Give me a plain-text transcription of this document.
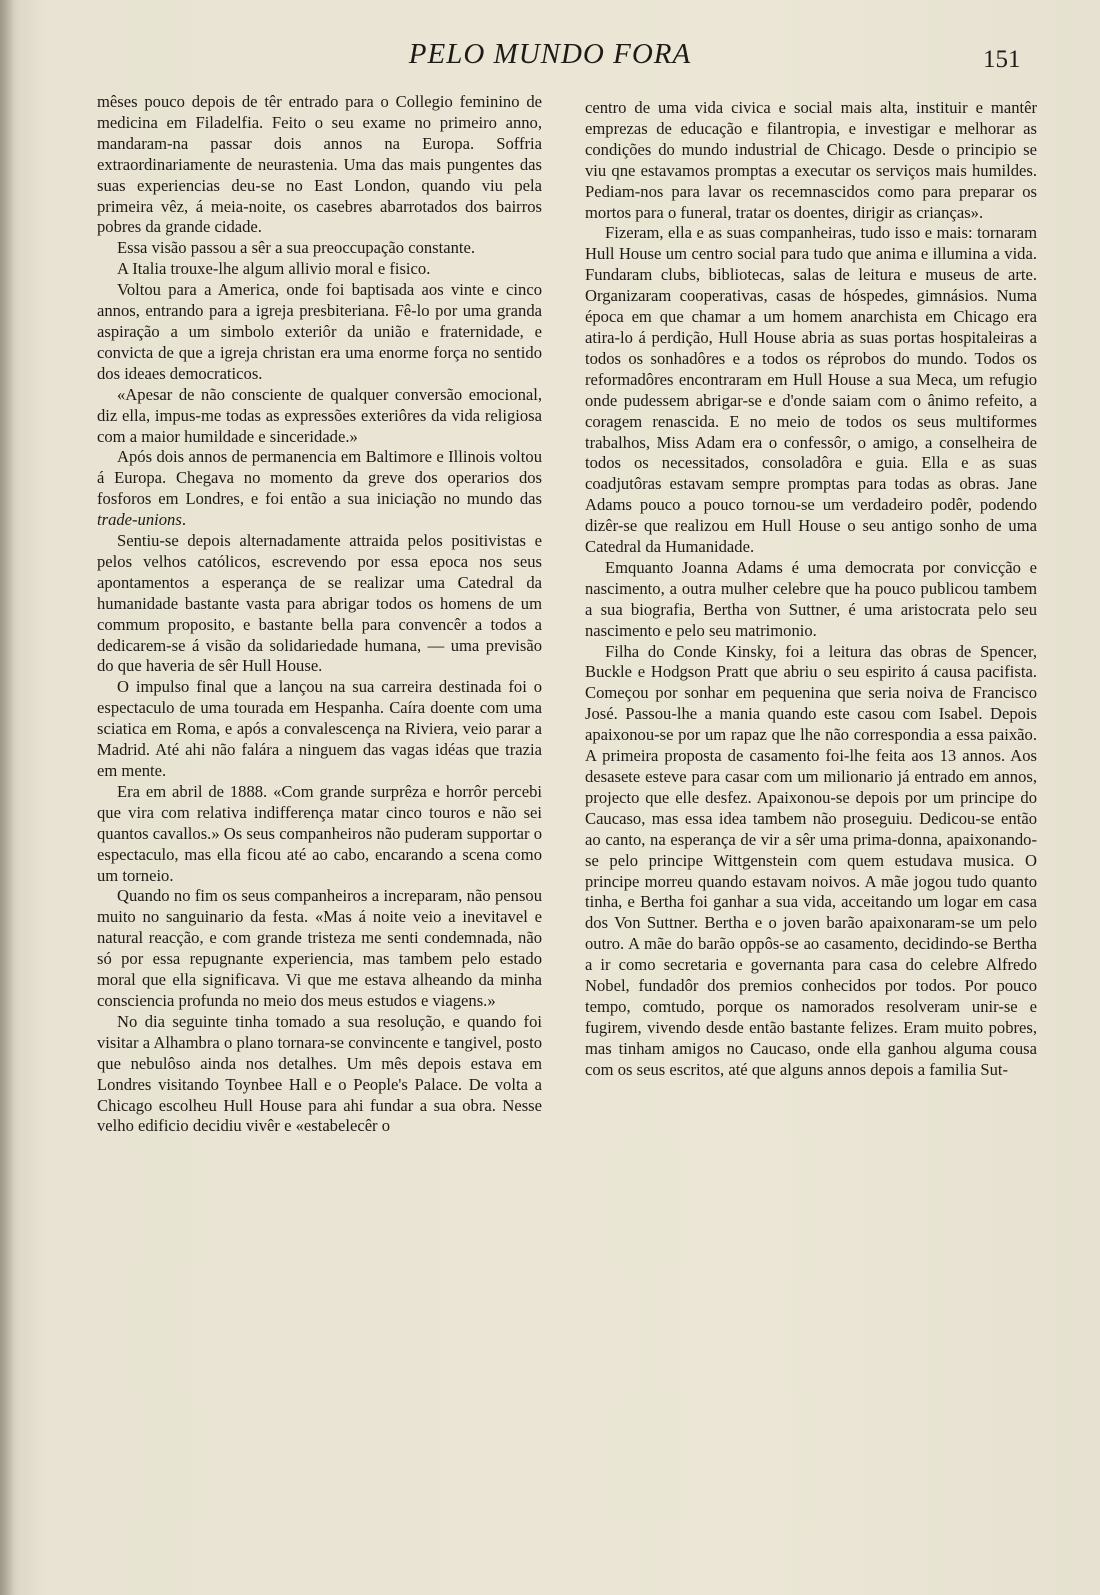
PELO MUNDO FORA	151

mêses pouco depois de têr entrado para o Collegio feminino de medicina em Filadelfia. Feito o seu exame no primeiro anno, mandaram-na passar dois annos na Europa. Soffria extraordinariamente de neurastenia. Uma das mais pungentes das suas experiencias deu-se no East London, quando viu pela primeira vêz, á meia-noite, os casebres abarrotados dos bairros pobres da grande cidade.

Essa visão passou a sêr a sua preoccupação constante.

A Italia trouxe-lhe algum allivio moral e fisico.

Voltou para a America, onde foi baptisada aos vinte e cinco annos, entrando para a igreja presbiteriana. Fê-lo por uma granda aspiração a um simbolo exteriôr da união e fraternidade, e convicta de que a igreja christan era uma enorme força no sentido dos ideaes democraticos.

«Apesar de não consciente de qualquer conversão emocional, diz ella, impus-me todas as expressões exteriôres da vida religiosa com a maior humildade e sinceridade.»

Após dois annos de permanencia em Baltimore e Illinois voltou á Europa. Chegava no momento da greve dos operarios dos fosforos em Londres, e foi então a sua iniciação no mundo das trade-unions.

Sentiu-se depois alternadamente attraida pelos positivistas e pelos velhos católicos, escrevendo por essa epoca nos seus apontamentos a esperança de se realizar uma Catedral da humanidade bastante vasta para abrigar todos os homens de um commum proposito, e bastante bella para convencêr a todos a dedicarem-se á visão da solidariedade humana, — uma previsão do que haveria de sêr Hull House.

O impulso final que a lançou na sua carreira destinada foi o espectaculo de uma tourada em Hespanha. Caíra doente com uma sciatica em Roma, e após a convalescença na Riviera, veio parar a Madrid. Até ahi não falára a ninguem das vagas idéas que trazia em mente.

Era em abril de 1888. «Com grande surprêza e horrôr percebi que vira com relativa indifferença matar cinco touros e não sei quantos cavallos.» Os seus companheiros não puderam supportar o espectaculo, mas ella ficou até ao cabo, encarando a scena como um torneio.

Quando no fim os seus companheiros a increparam, não pensou muito no sanguinario da festa. «Mas á noite veio a inevitavel e natural reacção, e com grande tristeza me senti condemnada, não só por essa repugnante experiencia, mas tambem pelo estado moral que ella significava. Vi que me estava alheando da minha consciencia profunda no meio dos meus estudos e viagens.»

No dia seguinte tinha tomado a sua resolução, e quando foi visitar a Alhambra o plano tornara-se convincente e tangivel, posto que nebulôso ainda nos detalhes. Um mês depois estava em Londres visitando Toynbee Hall e o People's Palace. De volta a Chicago escolheu Hull House para ahi fundar a sua obra. Nesse velho edificio decidiu vivêr e «estabelecêr o

centro de uma vida civica e social mais alta, instituir e mantêr emprezas de educação e filantropia, e investigar e melhorar as condições do mundo industrial de Chicago. Desde o principio se viu qne estavamos promptas a executar os serviços mais humildes. Pediam-nos para lavar os recemnascidos como para preparar os mortos para o funeral, tratar os doentes, dirigir as crianças».

Fizeram, ella e as suas companheiras, tudo isso e mais: tornaram Hull House um centro social para tudo que anima e illumina a vida. Fundaram clubs, bibliotecas, salas de leitura e museus de arte. Organizaram cooperativas, casas de hóspedes, gimnásios. Numa época em que chamar a um homem anarchista em Chicago era atira-lo á perdição, Hull House abria as suas portas hospitaleiras a todos os sonhadôres e a todos os réprobos do mundo. Todos os reformadôres encontraram em Hull House a sua Meca, um refugio onde pudessem abrigar-se e d'onde saiam com o ânimo refeito, a coragem renascida. E no meio de todos os seus multiformes trabalhos, Miss Adam era o confessôr, o amigo, a conselheira de todos os necessitados, consoladôra e guia. Ella e as suas coadjutôras estavam sempre promptas para todas as obras. Jane Adams pouco a pouco tornou-se um verdadeiro podêr, podendo dizêr-se que realizou em Hull House o seu antigo sonho de uma Catedral da Humanidade.

Emquanto Joanna Adams é uma democrata por convicção e nascimento, a outra mulher celebre que ha pouco publicou tambem a sua biografia, Bertha von Suttner, é uma aristocrata pelo seu nascimento e pelo seu matrimonio.

Filha do Conde Kinsky, foi a leitura das obras de Spencer, Buckle e Hodgson Pratt que abriu o seu espirito á causa pacifista. Começou por sonhar em pequenina que seria noiva de Francisco José. Passou-lhe a mania quando este casou com Isabel. Depois apaixonou-se por um rapaz que lhe não correspondia a essa paixão. A primeira proposta de casamento foi-lhe feita aos 13 annos. Aos desasete esteve para casar com um milionario já entrado em annos, projecto que elle desfez. Apaixonou-se depois por um principe do Caucaso, mas essa idea tambem não proseguiu. Dedicou-se então ao canto, na esperança de vir a sêr uma prima-donna, apaixonando-se pelo principe Wittgenstein com quem estudava musica. O principe morreu quando estavam noivos. A mãe jogou tudo quanto tinha, e Bertha foi ganhar a sua vida, acceitando um logar em casa dos Von Suttner. Bertha e o joven barão apaixonaram-se um pelo outro. A mãe do barão oppôs-se ao casamento, decidindo-se Bertha a ir como secretaria e governanta para casa do celebre Alfredo Nobel, fundadôr dos premios conhecidos por todos. Por pouco tempo, comtudo, porque os namorados resolveram unir-se e fugirem, vivendo desde então bastante felizes. Eram muito pobres, mas tinham amigos no Caucaso, onde ella ganhou alguma cousa com os seus escritos, até que alguns annos depois a familia Sut-
